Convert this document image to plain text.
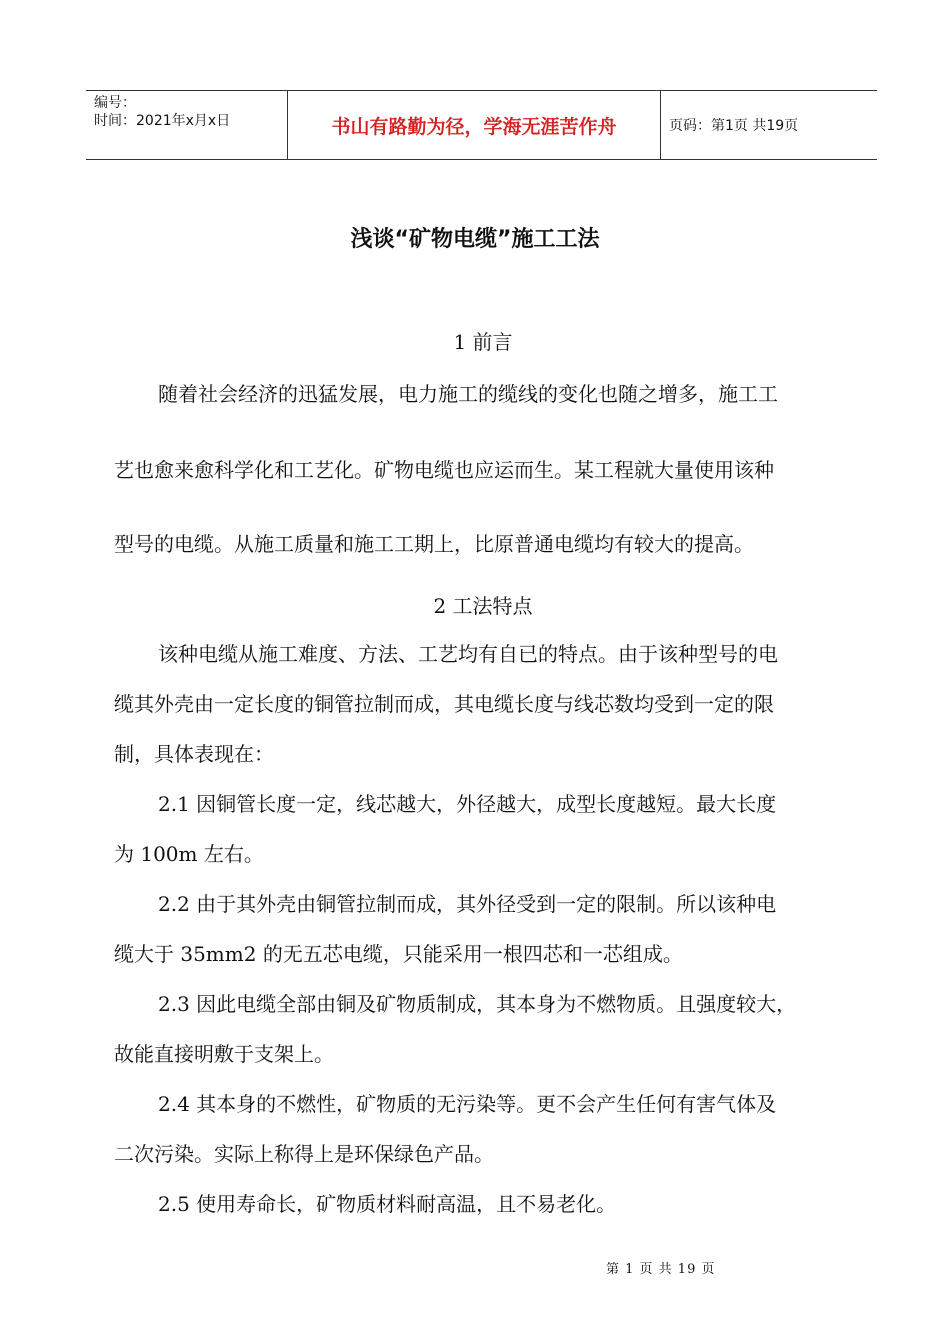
编号：
时间：2021年x月x日	书山有路勤为径，学海无涯苦作舟	页码：第1页 共19页
浅谈“矿物电缆”施工工法
1 前言
随着社会经济的迅猛发展，电力施工的缆线的变化也随之增多，施工工
艺也愈来愈科学化和工艺化。矿物电缆也应运而生。某工程就大量使用该种
型号的电缆。从施工质量和施工工期上，比原普通电缆均有较大的提高。
2 工法特点
该种电缆从施工难度、方法、工艺均有自已的特点。由于该种型号的电
缆其外壳由一定长度的铜管拉制而成，其电缆长度与线芯数均受到一定的限
制，具体表现在：
2.1 因铜管长度一定，线芯越大，外径越大，成型长度越短。最大长度
为 100m 左右。
2.2 由于其外壳由铜管拉制而成，其外径受到一定的限制。所以该种电
缆大于 35mm2 的无五芯电缆，只能采用一根四芯和一芯组成。
2.3 因此电缆全部由铜及矿物质制成，其本身为不燃物质。且强度较大，
故能直接明敷于支架上。
2.4 其本身的不燃性，矿物质的无污染等。更不会产生任何有害气体及
二次污染。实际上称得上是环保绿色产品。
2.5 使用寿命长，矿物质材料耐高温，且不易老化。
第 1 页 共 19 页
